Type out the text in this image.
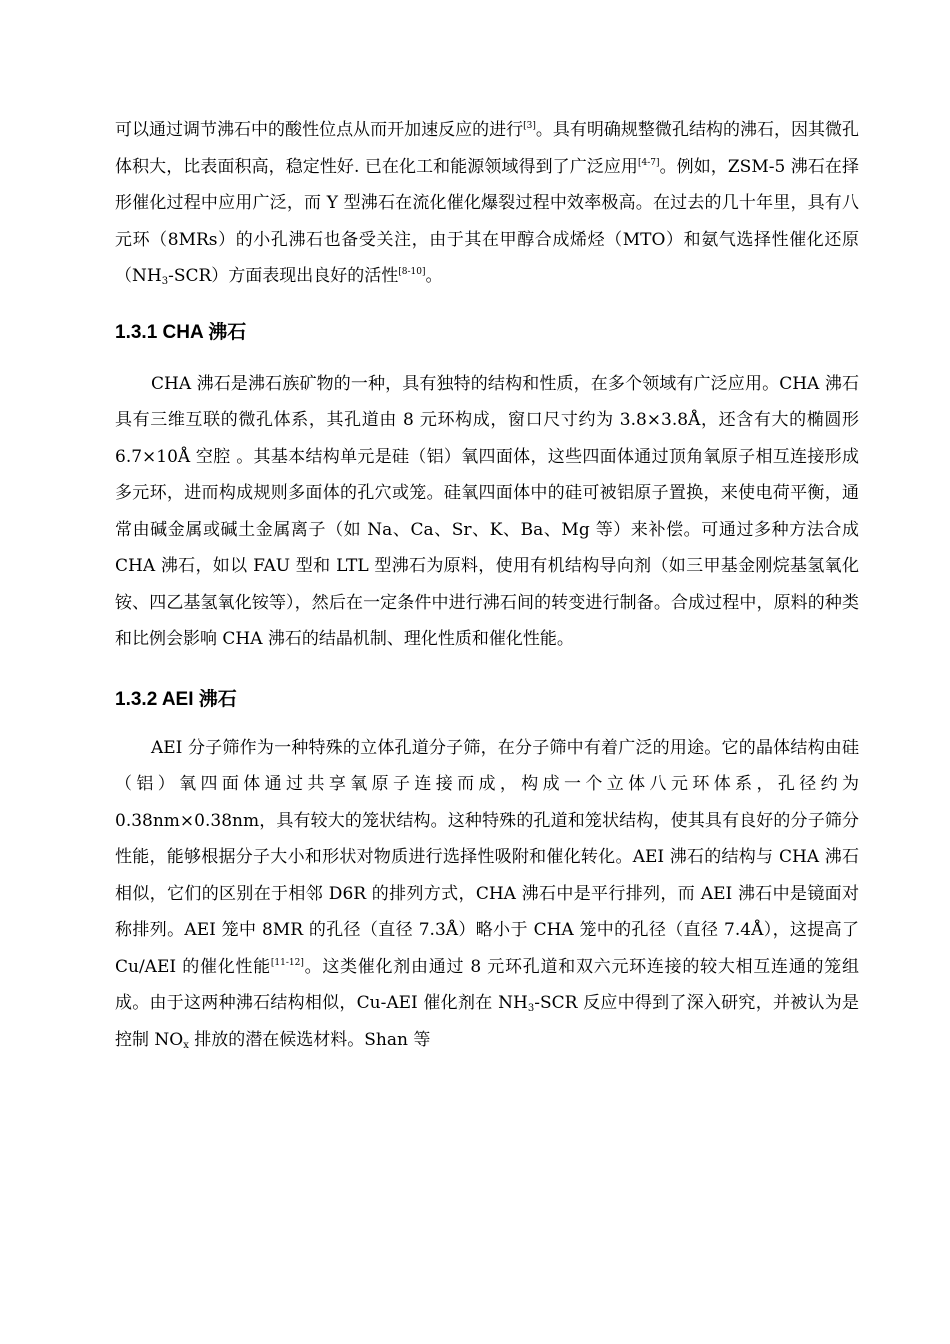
可以通过调节沸石中的酸性位点从而开加速反应的进行[3]。具有明确规整微孔结构的沸石，因其微孔体积大，比表面积高，稳定性好. 已在化工和能源领域得到了广泛应用[4-7]。例如，ZSM-5 沸石在择形催化过程中应用广泛，而 Y 型沸石在流化催化爆裂过程中效率极高。在过去的几十年里，具有八元环（8MRs）的小孔沸石也备受关注，由于其在甲醇合成烯烃（MTO）和氨气选择性催化还原$(NH_3-SCR)$方面表现出良好的活性[8-10]。

1.3.1 CHA 沸石

CHA 沸石是沸石族矿物的一种，具有独特的结构和性质，在多个领域有广泛应用。CHA 沸石具有三维互联的微孔体系，其孔道由 8 元环构成，窗口尺寸约为 3.8×3.8Å，还含有大的椭圆形 6.7×10Å 空腔 。其基本结构单元是硅（铝）氧四面体，这些四面体通过顶角氧原子相互连接形成多元环，进而构成规则多面体的孔穴或笼。硅氧四面体中的硅可被铝原子置换，来使电荷平衡，通常由碱金属或碱土金属离子（如 Na、Ca、Sr、K、Ba、Mg 等）来补偿。可通过多种方法合成 CHA 沸石，如以 FAU 型和 LTL 型沸石为原料，使用有机结构导向剂（如三甲基金刚烷基氢氧化铵、四乙基氢氧化铵等），然后在一定条件中进行沸石间的转变进行制备。合成过程中，原料的种类和比例会影响 CHA 沸石的结晶机制、理化性质和催化性能。

1.3.2 AEI 沸石

AEI 分子筛作为一种特殊的立体孔道分子筛，在分子筛中有着广泛的用途。它的晶体结构由硅（铝）氧四面体通过共享氧原子连接而成，构成一个立体八元环体系，孔径约为 0.38nm×0.38nm，具有较大的笼状结构。这种特殊的孔道和笼状结构，使其具有良好的分子筛分性能，能够根据分子大小和形状对物质进行选择性吸附和催化转化。AEI 沸石的结构与 CHA 沸石相似，它们的区别在于相邻 D6R 的排列方式，CHA 沸石中是平行排列，而 AEI 沸石中是镜面对称排列。AEI 笼中 8MR 的孔径（直径 7.3Å）略小于 CHA 笼中的孔径（直径 7.4Å），这提高了 Cu/AEI 的催化性能[11-12]。这类催化剂由通过 8 元环孔道和双六元环连接的较大相互连通的笼组成。由于这两种沸石结构相似，Cu-AEI 催化剂在 $NH_3$-SCR 反应中得到了深入研究，并被认为是控制 $NO_x$ 排放的潜在候选材料。Shan 等
